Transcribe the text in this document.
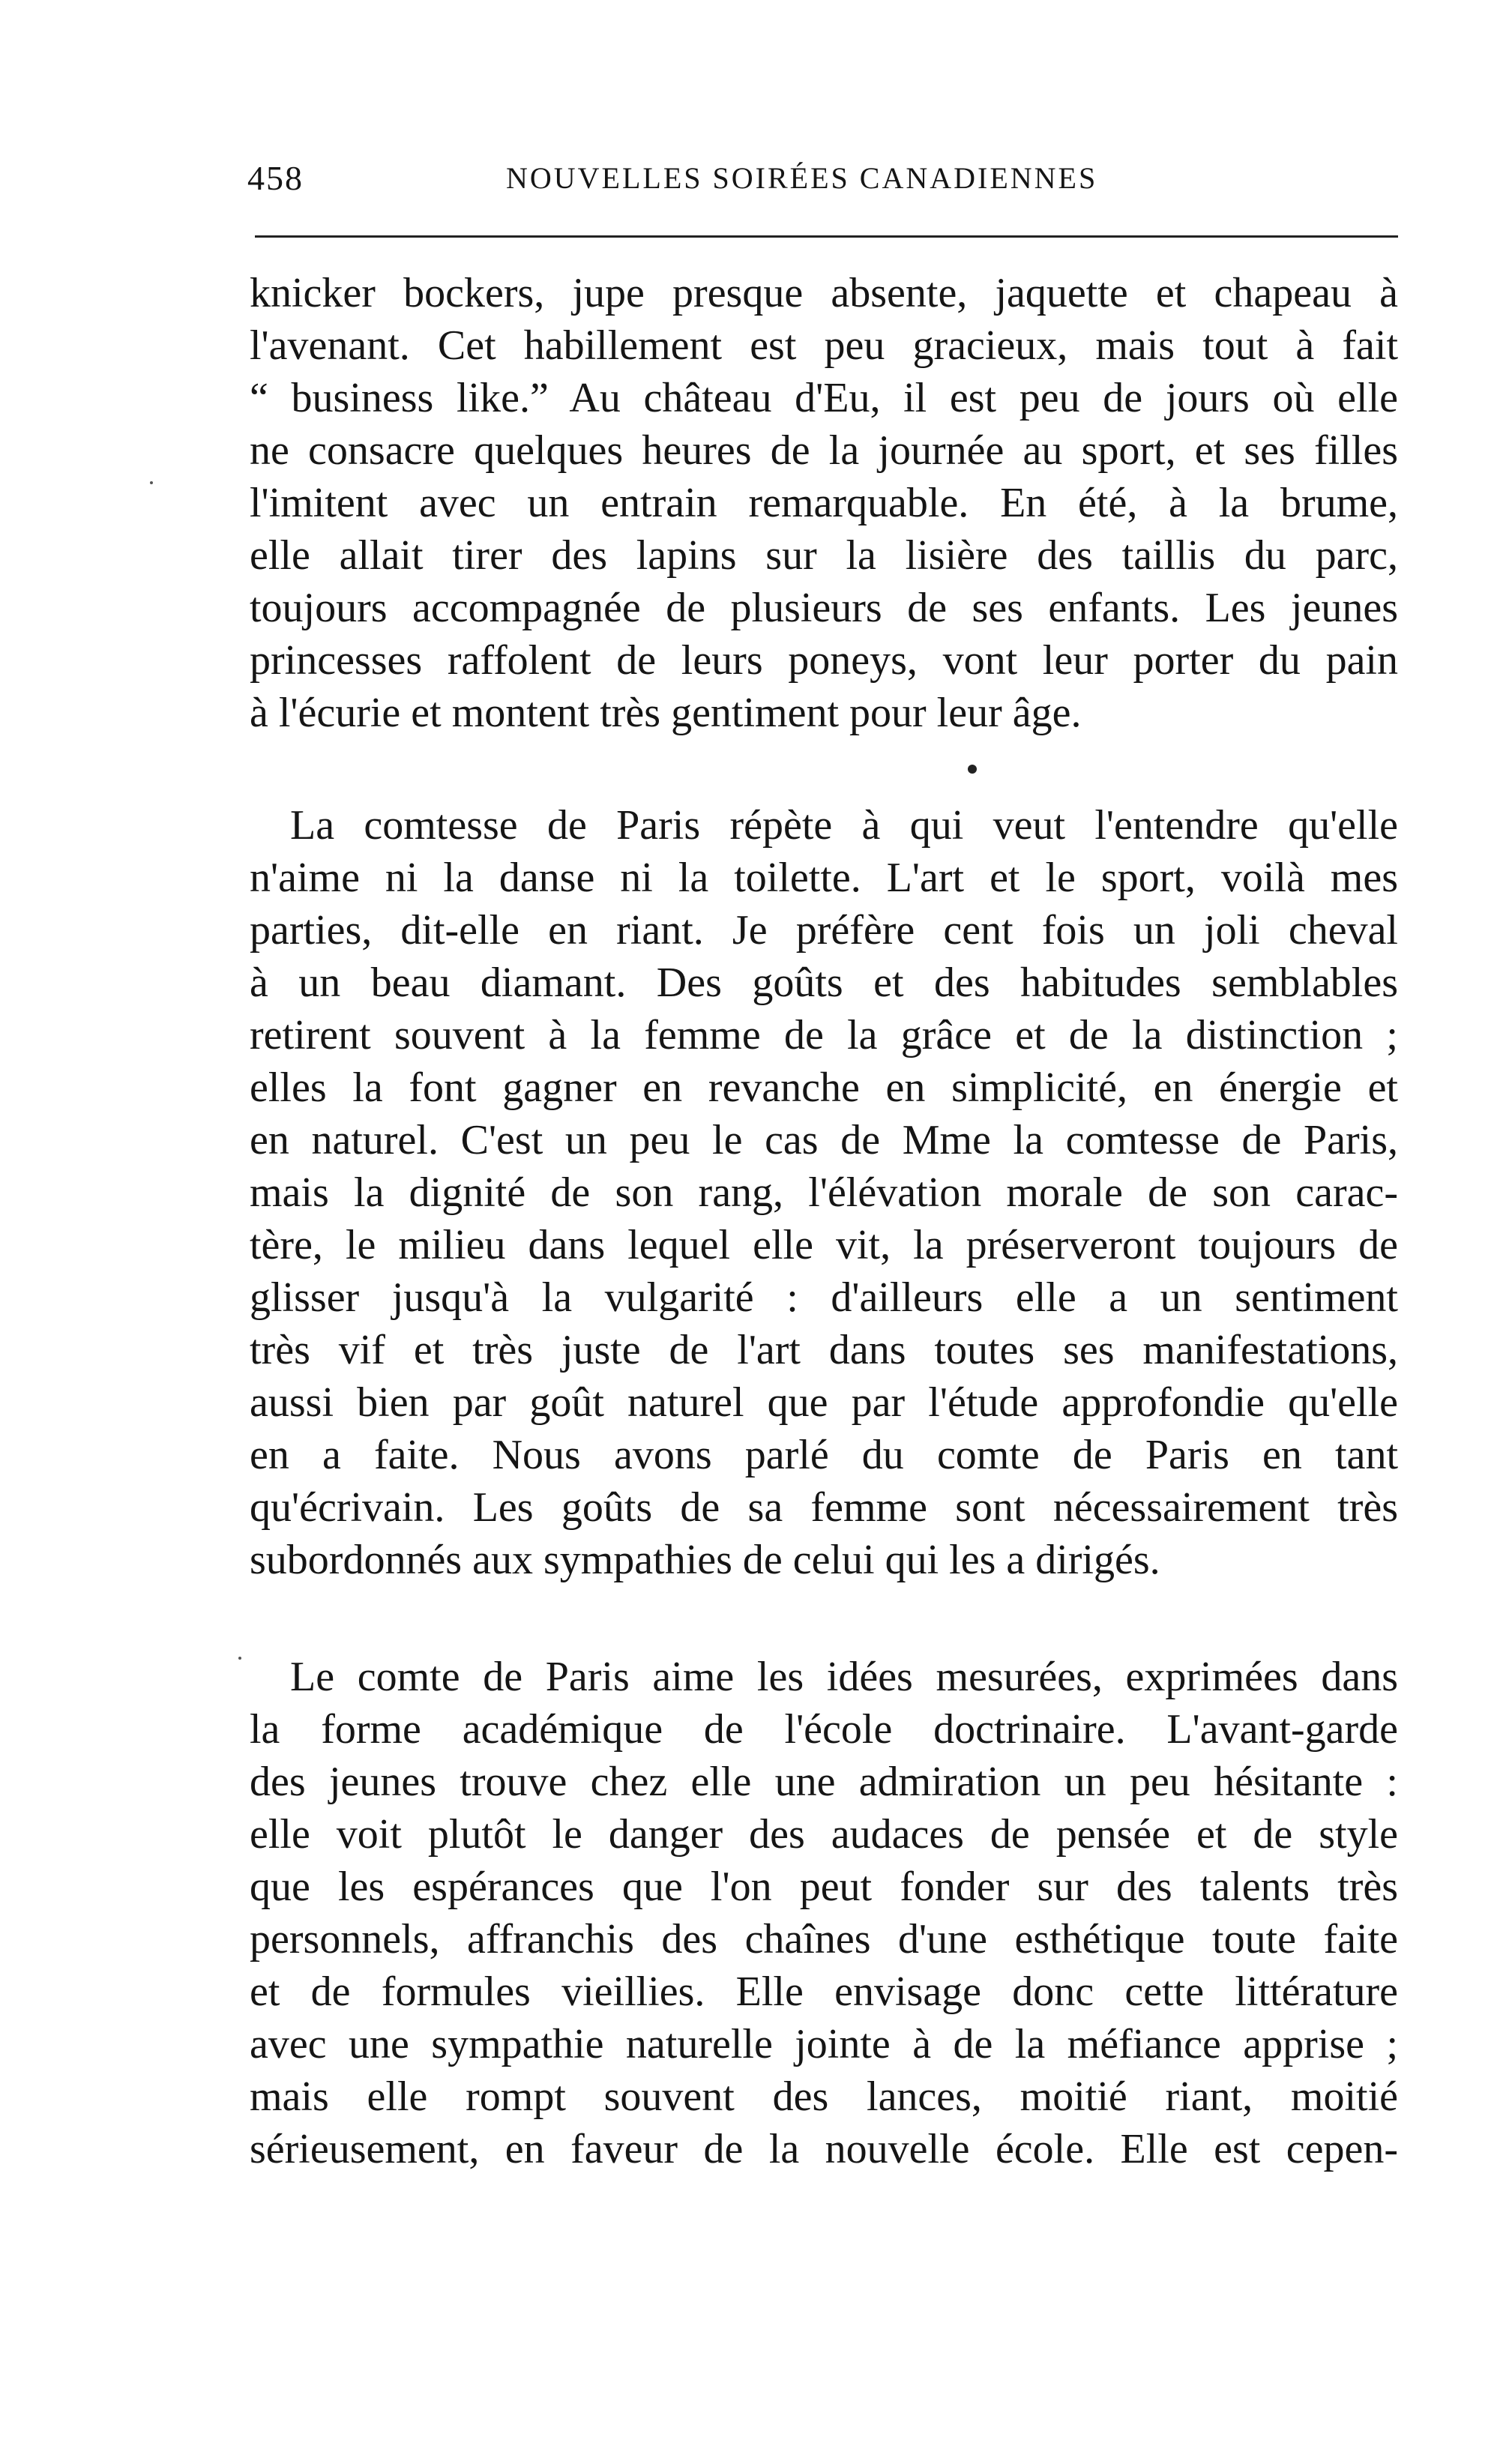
458	NOUVELLES SOIRÉES CANADIENNES
knicker bockers, jupe presque absente, jaquette et chapeau à
l'avenant. Cet habillement est peu gracieux, mais tout à fait
“ business like.” Au château d'Eu, il est peu de jours où elle
ne consacre quelques heures de la journée au sport, et ses filles
l'imitent avec un entrain remarquable. En été, à la brume,
elle allait tirer des lapins sur la lisière des taillis du parc,
toujours accompagnée de plusieurs de ses enfants. Les jeunes
princesses raffolent de leurs poneys, vont leur porter du pain
à l'écurie et montent très gentiment pour leur âge.
La comtesse de Paris répète à qui veut l'entendre qu'elle
n'aime ni la danse ni la toilette. L'art et le sport, voilà mes
parties, dit-elle en riant. Je préfère cent fois un joli cheval
à un beau diamant. Des goûts et des habitudes semblables
retirent souvent à la femme de la grâce et de la distinction ;
elles la font gagner en revanche en simplicité, en énergie et
en naturel. C'est un peu le cas de Mme la comtesse de Paris,
mais la dignité de son rang, l'élévation morale de son carac-
tère, le milieu dans lequel elle vit, la préserveront toujours de
glisser jusqu'à la vulgarité : d'ailleurs elle a un sentiment
très vif et très juste de l'art dans toutes ses manifestations,
aussi bien par goût naturel que par l'étude approfondie qu'elle
en a faite. Nous avons parlé du comte de Paris en tant
qu'écrivain. Les goûts de sa femme sont nécessairement très
subordonnés aux sympathies de celui qui les a dirigés.
Le comte de Paris aime les idées mesurées, exprimées dans
la forme académique de l'école doctrinaire. L'avant-garde
des jeunes trouve chez elle une admiration un peu hésitante :
elle voit plutôt le danger des audaces de pensée et de style
que les espérances que l'on peut fonder sur des talents très
personnels, affranchis des chaînes d'une esthétique toute faite
et de formules vieillies. Elle envisage donc cette littérature
avec une sympathie naturelle jointe à de la méfiance apprise ;
mais elle rompt souvent des lances, moitié riant, moitié
sérieusement, en faveur de la nouvelle école. Elle est cepen-
